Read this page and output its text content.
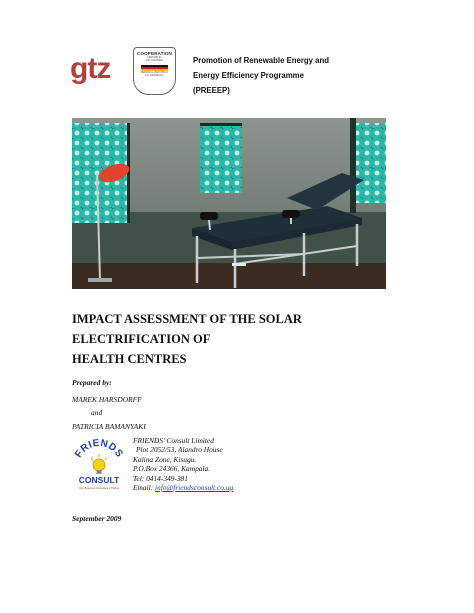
gtz	COOPERATION
REPUBLIC
OF UGANDA
FEDERAL REPUBLIC
OF GERMANY
Promotion of Renewable Energy and
Energy Efficiency Programme
(PREEEP)
IMPACT ASSESSMENT OF THE SOLAR ELECTRIFICATION OF
HEALTH CENTRES
Prepared by:
MAREK HARSDORFF
and
PATRICIA BAMANYAKI
FRIENDS
CONSULT
Your Business Consultancy Partner
FRIENDS’ Consult Limited
Plot 2052/53, Alandro House
Kalina Zone, Kisugu.
P.O.Box 24366, Kampala.
Tel: 0414-349-381
Email: info@friendsconsult.co.ug
September 2009
